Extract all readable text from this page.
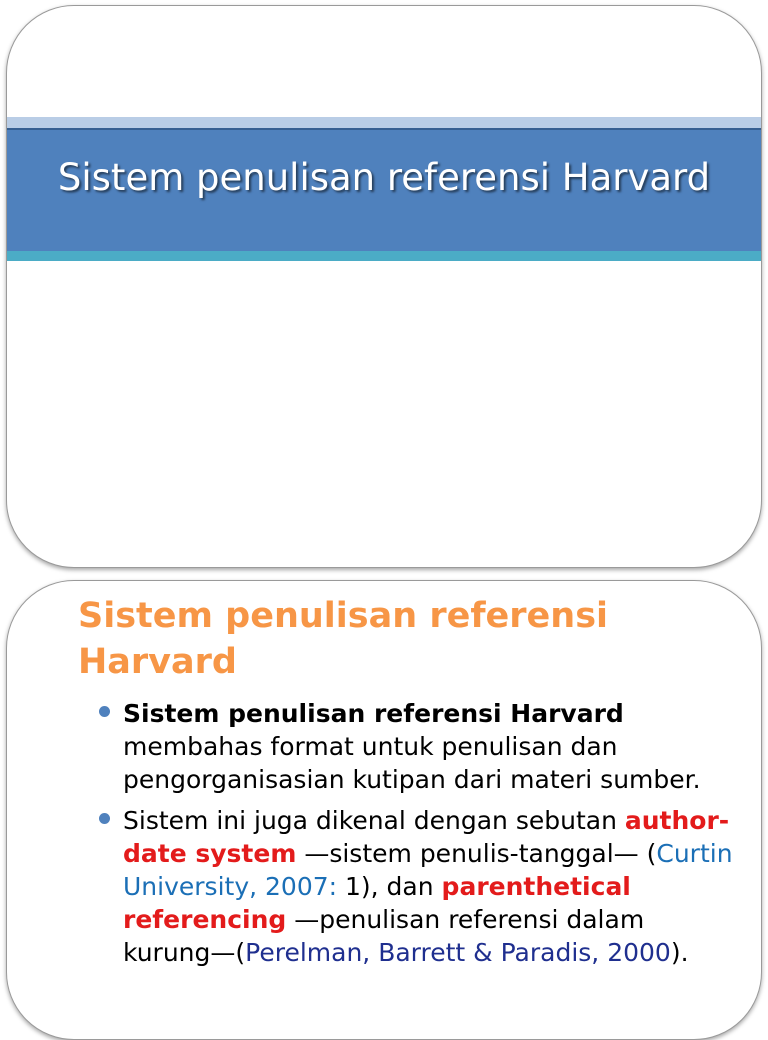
Sistem penulisan referensi Harvard
Sistem penulisan referensi Harvard
Sistem penulisan referensi Harvard membahas format untuk penulisan dan pengorganisasian kutipan dari materi sumber.
Sistem ini juga dikenal dengan sebutan author-date system —sistem penulis-tanggal— (Curtin University, 2007: 1), dan parenthetical referencing —penulisan referensi dalam kurung—(Perelman, Barrett & Paradis, 2000).
